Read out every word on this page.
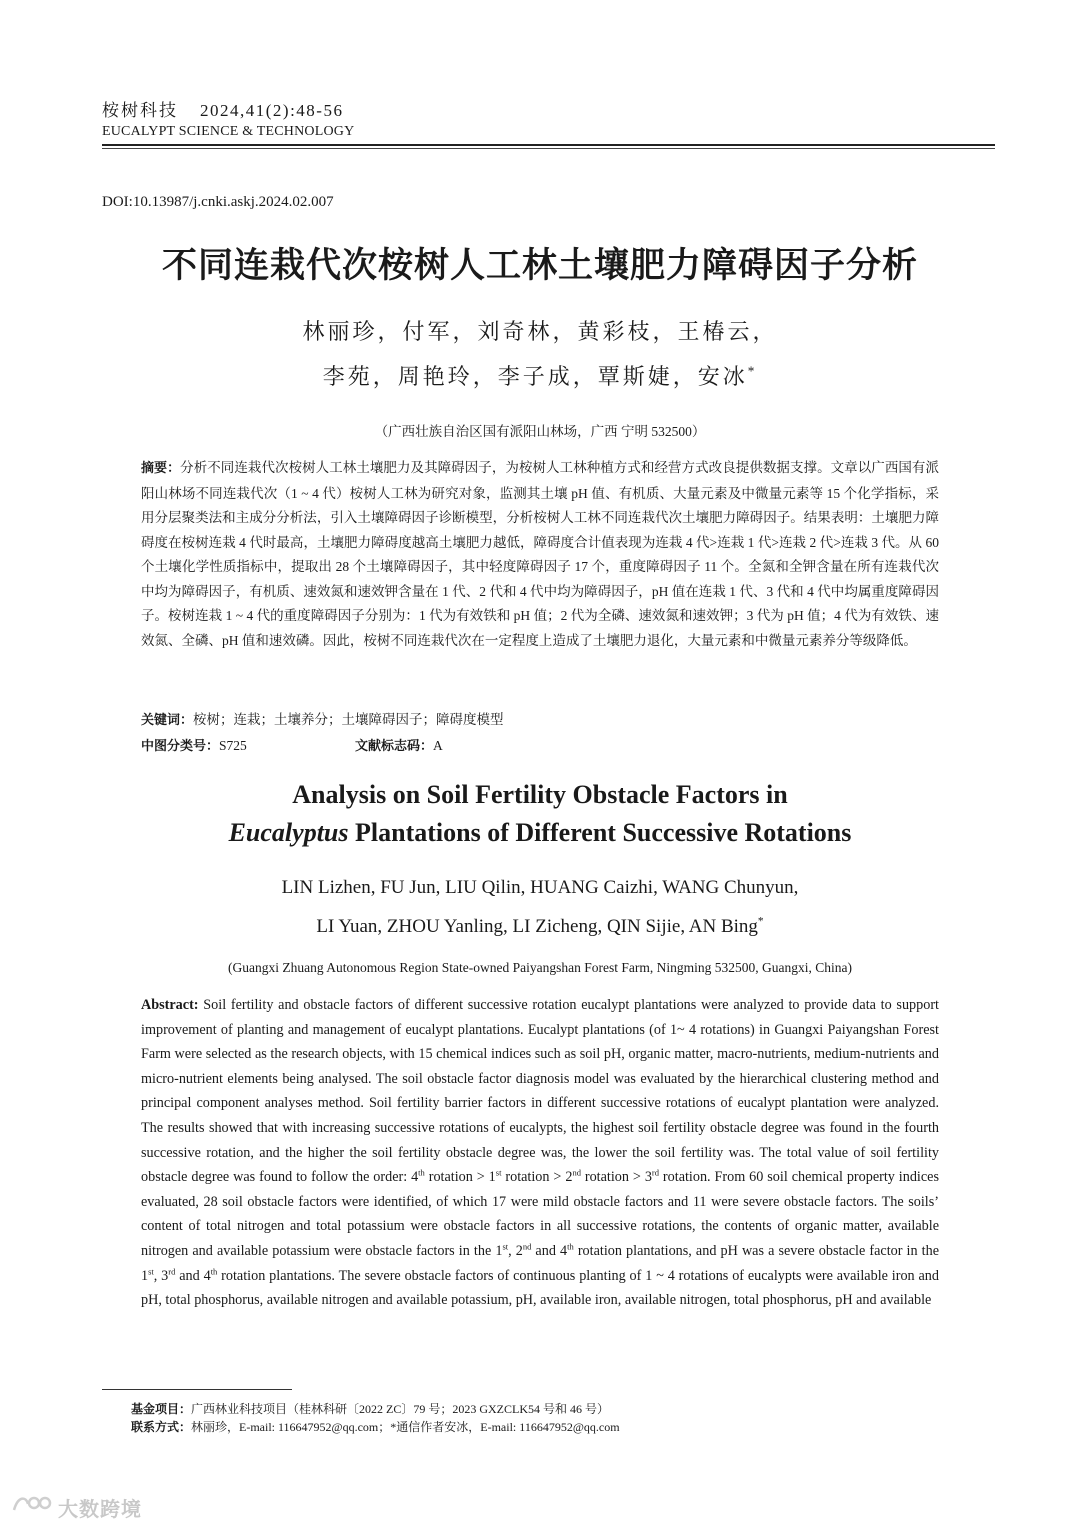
桉树科技 2024,41(2):48-56
EUCALYPT SCIENCE & TECHNOLOGY
DOI:10.13987/j.cnki.askj.2024.02.007
不同连栽代次桉树人工林土壤肥力障碍因子分析
林丽珍，付军，刘奇林，黄彩枝，王椿云，
李苑，周艳玲，李子成，覃斯婕，安冰*
（广西壮族自治区国有派阳山林场，广西 宁明 532500）
摘要：分析不同连栽代次桉树人工林土壤肥力及其障碍因子，为桉树人工林种植方式和经营方式改良提供数据支撑。文章以广西国有派阳山林场不同连栽代次（1 ~ 4 代）桉树人工林为研究对象，监测其土壤 pH 值、有机质、大量元素及中微量元素等 15 个化学指标，采用分层聚类法和主成分分析法，引入土壤障碍因子诊断模型，分析桉树人工林不同连栽代次土壤肥力障碍因子。结果表明：土壤肥力障碍度在桉树连栽 4 代时最高，土壤肥力障碍度越高土壤肥力越低，障碍度合计值表现为连栽 4 代>连栽 1 代>连栽 2 代>连栽 3 代。从 60 个土壤化学性质指标中，提取出 28 个土壤障碍因子，其中轻度障碍因子 17 个，重度障碍因子 11 个。全氮和全钾含量在所有连栽代次中均为障碍因子，有机质、速效氮和速效钾含量在 1 代、2 代和 4 代中均为障碍因子，pH 值在连栽 1 代、3 代和 4 代中均属重度障碍因子。桉树连栽 1 ~ 4 代的重度障碍因子分别为：1 代为有效铁和 pH 值；2 代为全磷、速效氮和速效钾；3 代为 pH 值；4 代为有效铁、速效氮、全磷、pH 值和速效磷。因此，桉树不同连栽代次在一定程度上造成了土壤肥力退化，大量元素和中微量元素养分等级降低。
关键词：桉树；连栽；土壤养分；土壤障碍因子；障碍度模型
中图分类号：S725	文献标志码：A
Analysis on Soil Fertility Obstacle Factors in
Eucalyptus Plantations of Different Successive Rotations
LIN Lizhen, FU Jun, LIU Qilin, HUANG Caizhi, WANG Chunyun,
LI Yuan, ZHOU Yanling, LI Zicheng, QIN Sijie, AN Bing*
(Guangxi Zhuang Autonomous Region State-owned Paiyangshan Forest Farm, Ningming 532500, Guangxi, China)
Abstract: Soil fertility and obstacle factors of different successive rotation eucalypt plantations were analyzed to provide data to support improvement of planting and management of eucalypt plantations. Eucalypt plantations (of 1~ 4 rotations) in Guangxi Paiyangshan Forest Farm were selected as the research objects, with 15 chemical indices such as soil pH, organic matter, macro-nutrients, medium-nutrients and micro-nutrient elements being analysed. The soil obstacle factor diagnosis model was evaluated by the hierarchical clustering method and principal component analyses method. Soil fertility barrier factors in different successive rotations of eucalypt plantation were analyzed. The results showed that with increasing successive rotations of eucalypts, the highest soil fertility obstacle degree was found in the fourth successive rotation, and the higher the soil fertility obstacle degree was, the lower the soil fertility was. The total value of soil fertility obstacle degree was found to follow the order: 4th rotation > 1st rotation > 2nd rotation > 3rd rotation. From 60 soil chemical property indices evaluated, 28 soil obstacle factors were identified, of which 17 were mild obstacle factors and 11 were severe obstacle factors. The soils’ content of total nitrogen and total potassium were obstacle factors in all successive rotations, the contents of organic matter, available nitrogen and available potassium were obstacle factors in the 1st, 2nd and 4th rotation plantations, and pH was a severe obstacle factor in the 1st, 3rd and 4th rotation plantations. The severe obstacle factors of continuous planting of 1 ~ 4 rotations of eucalypts were available iron and pH, total phosphorus, available nitrogen and available potassium, pH, available iron, available nitrogen, total phosphorus, pH and available
基金项目：广西林业科技项目（桂林科研〔2022 ZC〕79 号；2023 GXZCLK54 号和 46 号）
联系方式：林丽珍，E-mail: 116647952@qq.com；*通信作者安冰，E-mail: 116647952@qq.com
大数跨境
